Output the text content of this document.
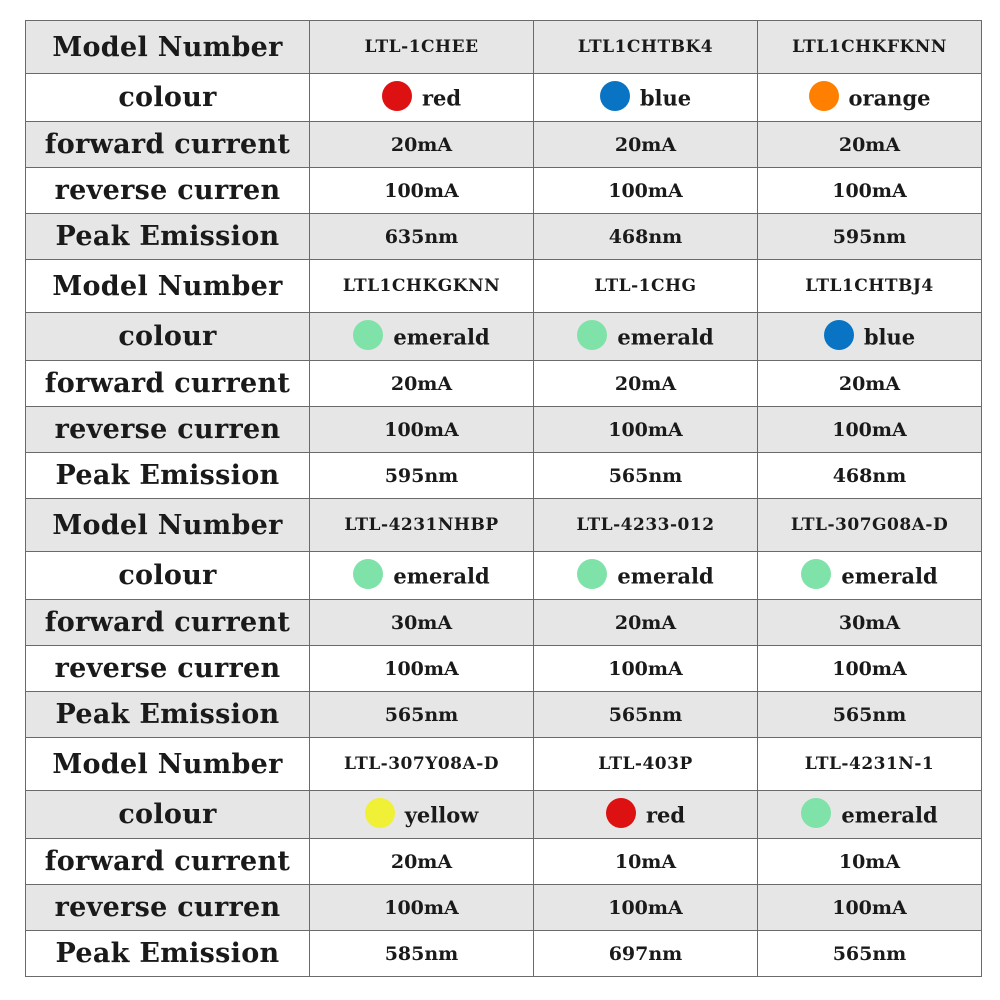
Model Number	LTL-1CHEE	LTL1CHTBK4	LTL1CHKFKNN
colour	red	blue	orange
forward current	20mA	20mA	20mA
reverse curren	100mA	100mA	100mA
Peak Emission	635nm	468nm	595nm
Model Number	LTL1CHKGKNN	LTL-1CHG	LTL1CHTBJ4
colour	emerald	emerald	blue
forward current	20mA	20mA	20mA
reverse curren	100mA	100mA	100mA
Peak Emission	595nm	565nm	468nm
Model Number	LTL-4231NHBP	LTL-4233-012	LTL-307G08A-D
colour	emerald	emerald	emerald
forward current	30mA	20mA	30mA
reverse curren	100mA	100mA	100mA
Peak Emission	565nm	565nm	565nm
Model Number	LTL-307Y08A-D	LTL-403P	LTL-4231N-1
colour	yellow	red	emerald
forward current	20mA	10mA	10mA
reverse curren	100mA	100mA	100mA
Peak Emission	585nm	697nm	565nm
